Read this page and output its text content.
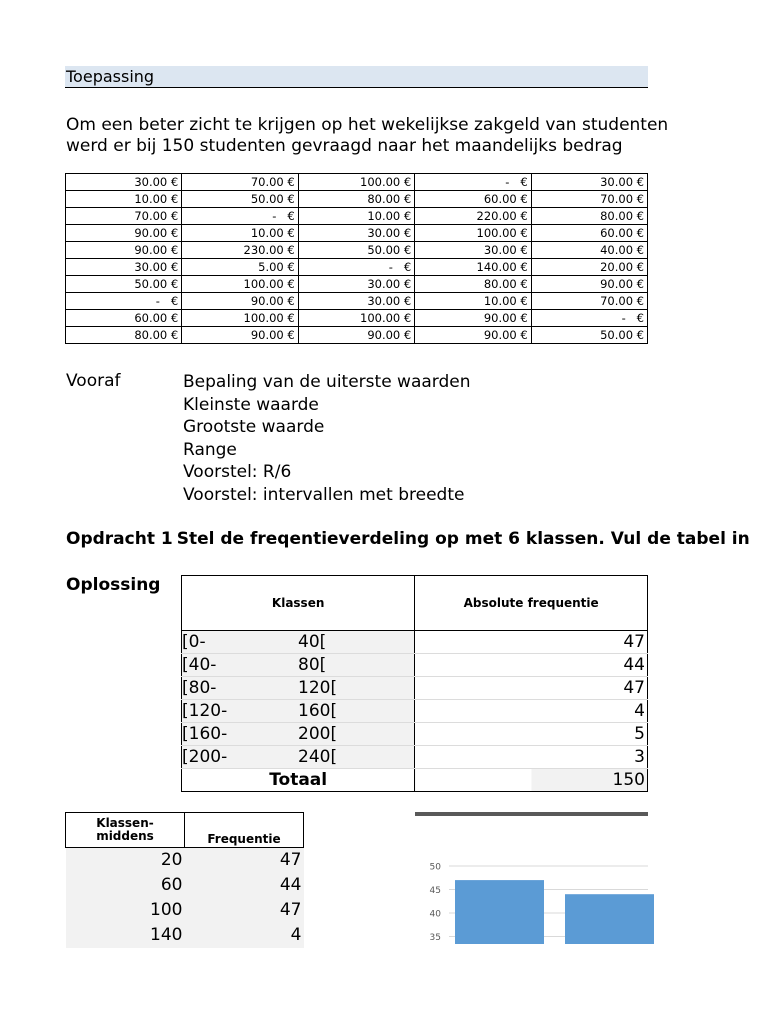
Toepassing
Om een beter zicht te krijgen op het wekelijkse zakgeld van studenten
werd er bij 150 studenten gevraagd naar het maandelijks bedrag
30.00 €	70.00 €	100.00 €	-   €	30.00 €
10.00 €	50.00 €	80.00 €	60.00 €	70.00 €
70.00 €	-   €	10.00 €	220.00 €	80.00 €
90.00 €	10.00 €	30.00 €	100.00 €	60.00 €
90.00 €	230.00 €	50.00 €	30.00 €	40.00 €
30.00 €	5.00 €	-   €	140.00 €	20.00 €
50.00 €	100.00 €	30.00 €	80.00 €	90.00 €
-   €	90.00 €	30.00 €	10.00 €	70.00 €
60.00 €	100.00 €	100.00 €	90.00 €	-   €
80.00 €	90.00 €	90.00 €	90.00 €	50.00 €
Vooraf	Bepaling van de uiterste waarden
Kleinste waarde
Grootste waarde
Range
Voorstel: R/6
Voorstel: intervallen met breedte
Opdracht 1 Stel de freqentieverdeling op met 6 klassen. Vul de tabel in
Oplossing
Klassen	Absolute frequentie
[0- 40[	47
[40- 80[	44
[80- 120[	47
[120- 160[	4
[160- 200[	5
[200- 240[	3
Totaal	150
Klassen-
middens	Frequentie
20	47
60	44
100	47
140	4
50
45
40
35
